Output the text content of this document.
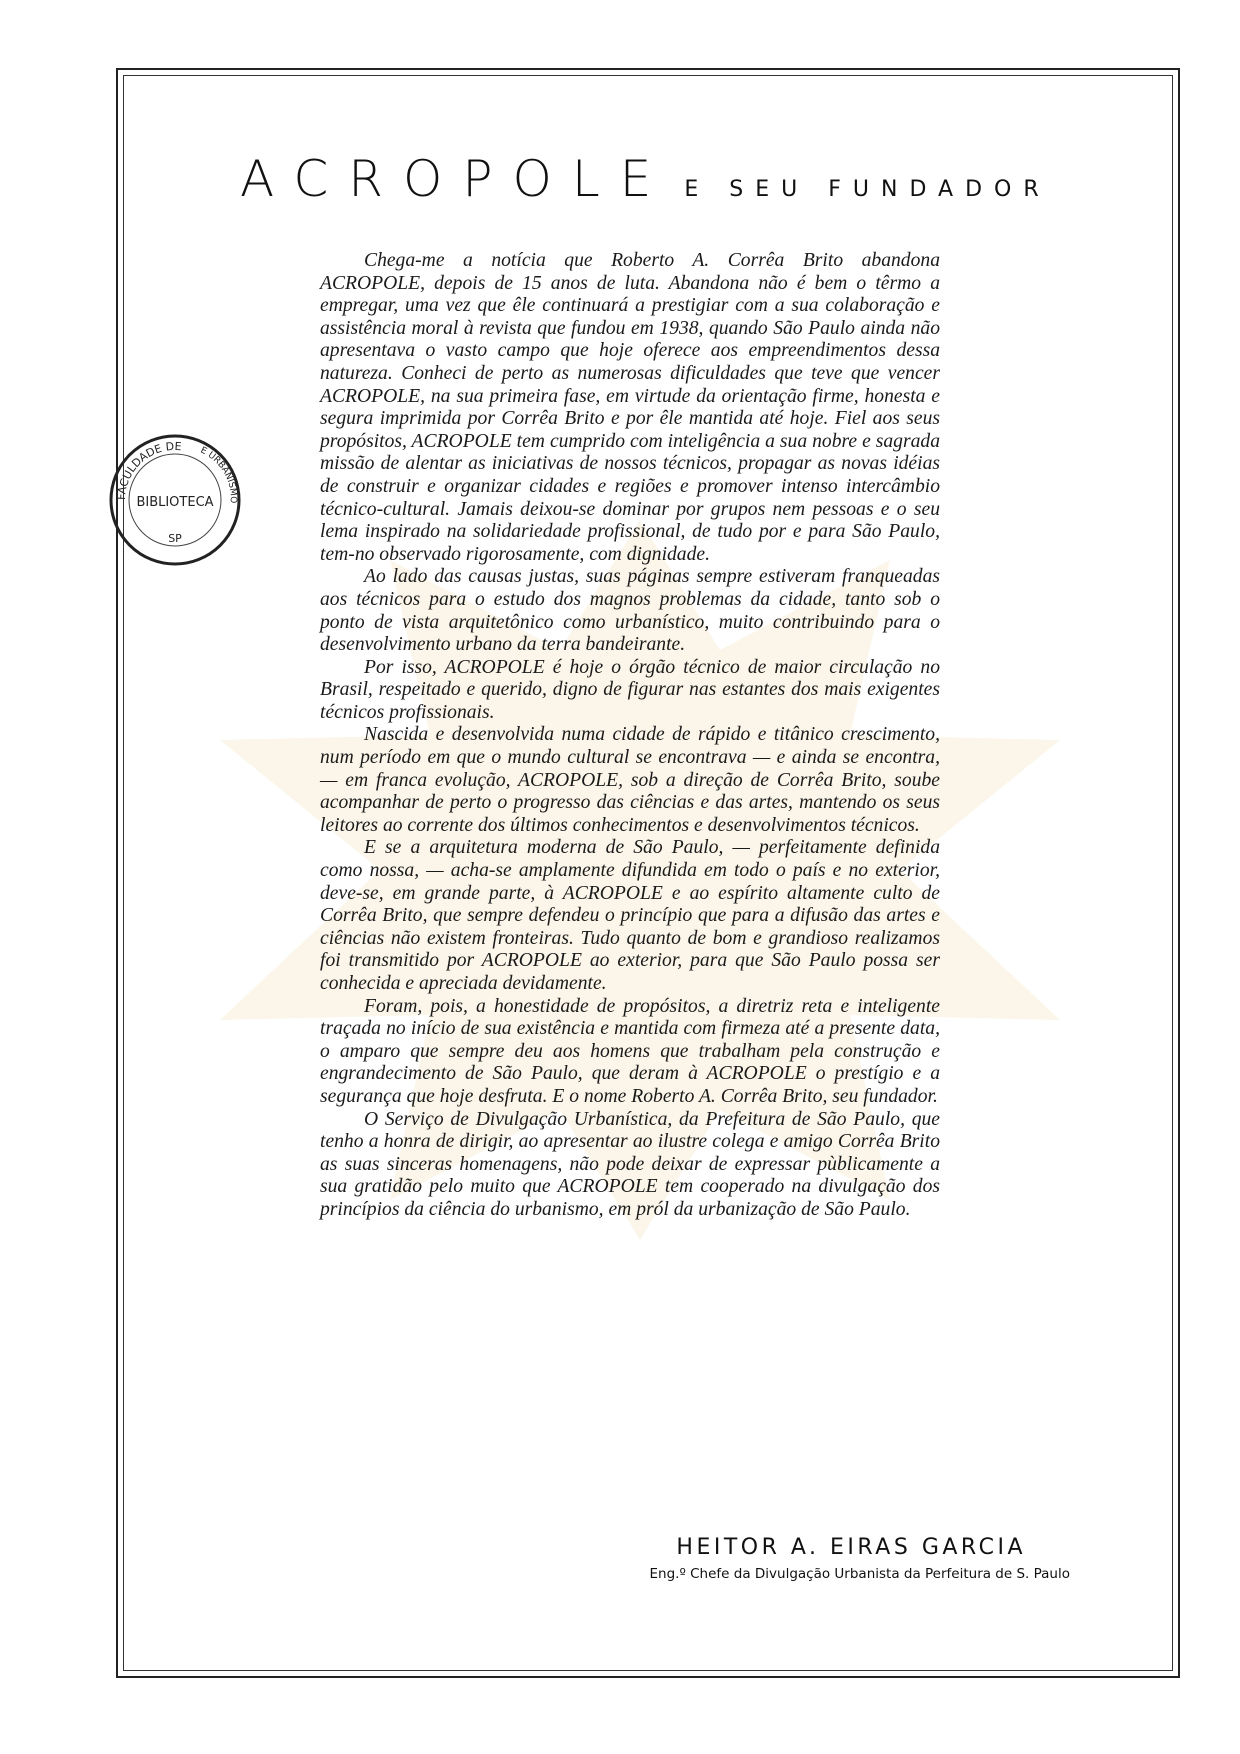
FACULDADE DE E URBANISMO
BIBLIOTECA
SP
ACROPOLE E SEU FUNDADOR

Chega-me a notícia que Roberto A. Corrêa Brito abandona ACROPOLE, depois de 15 anos de luta. Abandona não é bem o têrmo a empregar, uma vez que êle continuará a prestigiar com a sua colaboração e assistência moral à revista que fundou em 1938, quando São Paulo ainda não apresentava o vasto campo que hoje oferece aos empreendimentos dessa natureza. Conheci de perto as numerosas dificuldades que teve que vencer ACROPOLE, na sua primeira fase, em virtude da orientação firme, honesta e segura imprimida por Corrêa Brito e por êle mantida até hoje. Fiel aos seus propósitos, ACROPOLE tem cumprido com inteligência a sua nobre e sagrada missão de alentar as iniciativas de nossos técnicos, propagar as novas idéias de construir e organizar cidades e regiões e promover intenso intercâmbio técnico-cultural. Jamais deixou-se dominar por grupos nem pessoas e o seu lema inspirado na solidariedade profissional, de tudo por e para São Paulo, tem-no observado rigorosamente, com dignidade.

Ao lado das causas justas, suas páginas sempre estiveram franqueadas aos técnicos para o estudo dos magnos problemas da cidade, tanto sob o ponto de vista arquitetônico como urbanístico, muito contribuindo para o desenvolvimento urbano da terra bandeirante.

Por isso, ACROPOLE é hoje o órgão técnico de maior circulação no Brasil, respeitado e querido, digno de figurar nas estantes dos mais exigentes técnicos profissionais.

Nascida e desenvolvida numa cidade de rápido e titânico crescimento, num período em que o mundo cultural se encontrava — e ainda se encontra, — em franca evolução, ACROPOLE, sob a direção de Corrêa Brito, soube acompanhar de perto o progresso das ciências e das artes, mantendo os seus leitores ao corrente dos últimos conhecimentos e desenvolvimentos técnicos.

E se a arquitetura moderna de São Paulo, — perfeitamente definida como nossa, — acha-se amplamente difundida em todo o país e no exterior, deve-se, em grande parte, à ACROPOLE e ao espírito altamente culto de Corrêa Brito, que sempre defendeu o princípio que para a difusão das artes e ciências não existem fronteiras. Tudo quanto de bom e grandioso realizamos foi transmitido por ACROPOLE ao exterior, para que São Paulo possa ser conhecida e apreciada devidamente.

Foram, pois, a honestidade de propósitos, a diretriz reta e inteligente traçada no início de sua existência e mantida com firmeza até a presente data, o amparo que sempre deu aos homens que trabalham pela construção e engrandecimento de São Paulo, que deram à ACROPOLE o prestígio e a segurança que hoje desfruta. E o nome Roberto A. Corrêa Brito, seu fundador.

O Serviço de Divulgação Urbanística, da Prefeitura de São Paulo, que tenho a honra de dirigir, ao apresentar ao ilustre colega e amigo Corrêa Brito as suas sinceras homenagens, não pode deixar de expressar pùblicamente a sua gratidão pelo muito que ACROPOLE tem cooperado na divulgação dos princípios da ciência do urbanismo, em pról da urbanização de São Paulo.

HEITOR A. EIRAS GARCIA
Eng.º Chefe da Divulgação Urbanista da Perfeitura de S. Paulo
